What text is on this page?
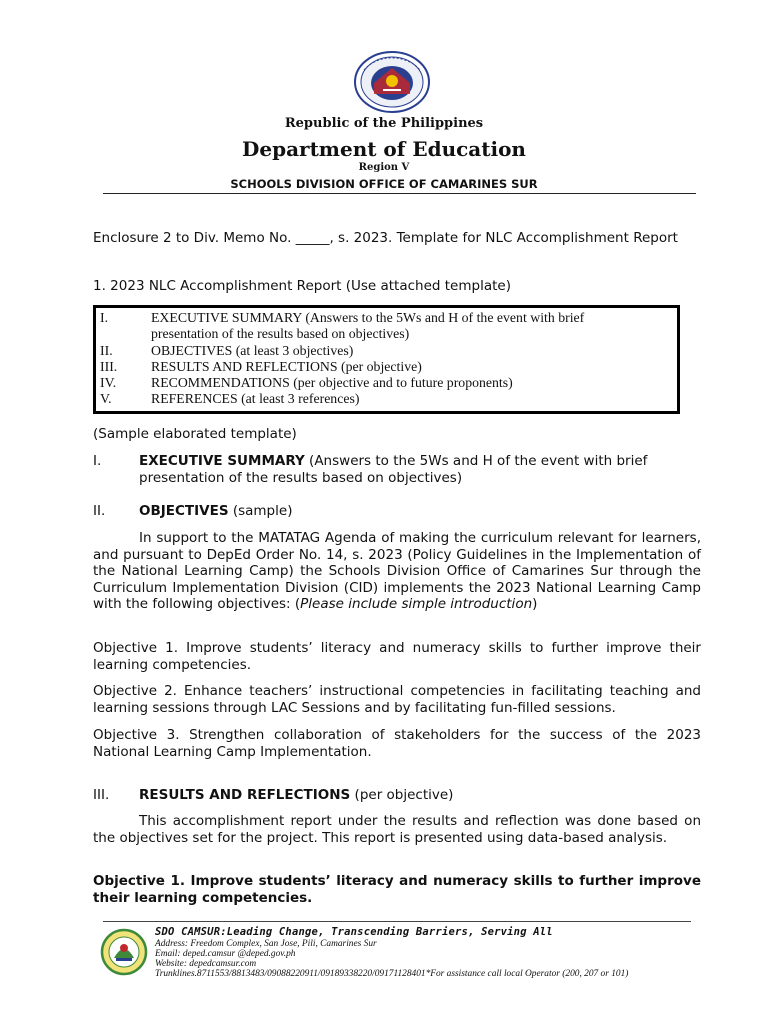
Republic of the Philippines
Department of Education
Region V
SCHOOLS DIVISION OFFICE OF CAMARINES SUR
Enclosure 2 to Div. Memo No. _____, s. 2023. Template for NLC Accomplishment Report
1. 2023 NLC Accomplishment Report (Use attached template)
I.	EXECUTIVE SUMMARY (Answers to the 5Ws and H of the event with brief
presentation of the results based on objectives)
II.	OBJECTIVES (at least 3 objectives)
III. RESULTS AND REFLECTIONS (per objective)
IV.	RECOMMENDATIONS (per objective and to future proponents)
V.	REFERENCES (at least 3 references)
(Sample elaborated template)
I.	EXECUTIVE SUMMARY (Answers to the 5Ws and H of the event with brief presentation of the results based on objectives)
II. OBJECTIVES (sample)
In support to the MATATAG Agenda of making the curriculum relevant for learners, and pursuant to DepEd Order No. 14, s. 2023 (Policy Guidelines in the Implementation of the National Learning Camp) the Schools Division Office of Camarines Sur through the Curriculum Implementation Division (CID) implements the 2023 National Learning Camp with the following objectives: (Please include simple introduction)
Objective 1. Improve students’ literacy and numeracy skills to further improve their learning competencies.
Objective 2. Enhance teachers’ instructional competencies in facilitating teaching and learning sessions through LAC Sessions and by facilitating fun-filled sessions.
Objective 3. Strengthen collaboration of stakeholders for the success of the 2023 National Learning Camp Implementation.
III. RESULTS AND REFLECTIONS (per objective)
This accomplishment report under the results and reflection was done based on the objectives set for the project. This report is presented using data-based analysis.
Objective 1. Improve students’ literacy and numeracy skills to further improve their learning competencies.
SDO CAMSUR:Leading Change, Transcending Barriers, Serving All
Address: Freedom Complex, San Jose, Pili, Camarines Sur
Email: deped.camsur @deped.gov.ph
Website: depedcamsur.com
Trunklines.8711553/8813483/09088220911/09189338220/09171128401*For assistance call local Operator (200, 207 or 101)
